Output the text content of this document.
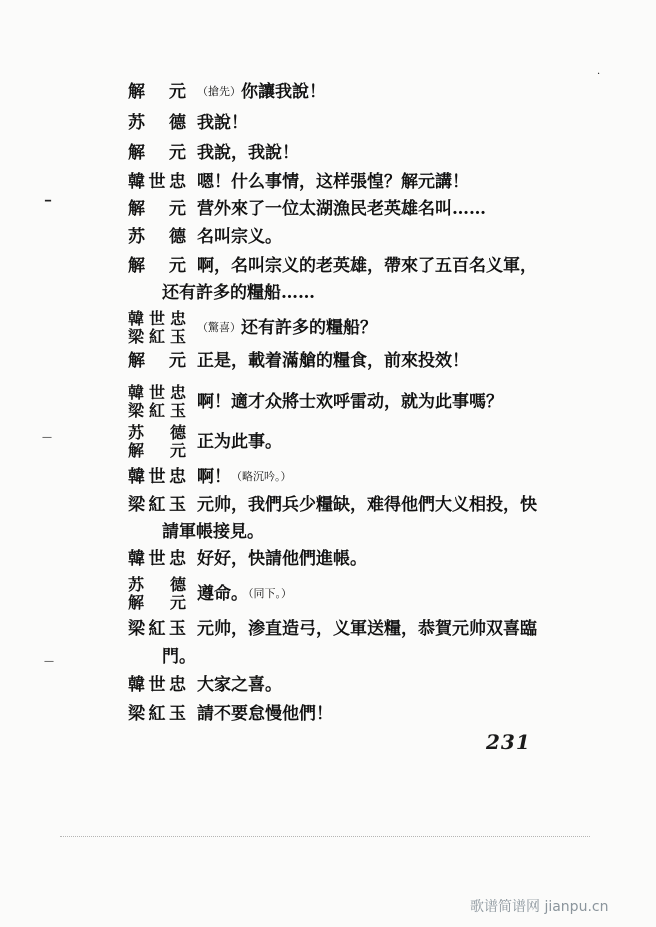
解　元 （搶先）你讓我說！
苏　德 我說！
解　元 我說，我說！
韓世忠 嗯！什么事情，这样張惶？解元講！
解　元 营外來了一位太湖漁民老英雄名叫……
苏　德 名叫宗义。
解　元 啊，名叫宗义的老英雄，帶來了五百名义軍，
还有許多的糧船……
韓世忠
梁紅玉 （驚喜）还有許多的糧船？
解　元 正是，載着滿艙的糧食，前來投效！
韓世忠
梁紅玉 啊！適才众將士欢呼雷动，就为此事嗎？
苏　德
解　元 正为此事。
韓世忠 啊！（略沉吟。）
梁紅玉 元帅，我們兵少糧缺，难得他們大义相投，快
請軍帳接見。
韓世忠 好好，快請他們進帳。
苏　德
解　元 遵命。（同下。）
梁紅玉 元帅，渗直造弓，义軍送糧，恭賀元帅双喜臨
門。
韓世忠 大家之喜。
梁紅玉 請不要怠慢他們！
231
·
━
—
—
歌谱简谱网 jianpu.cn
